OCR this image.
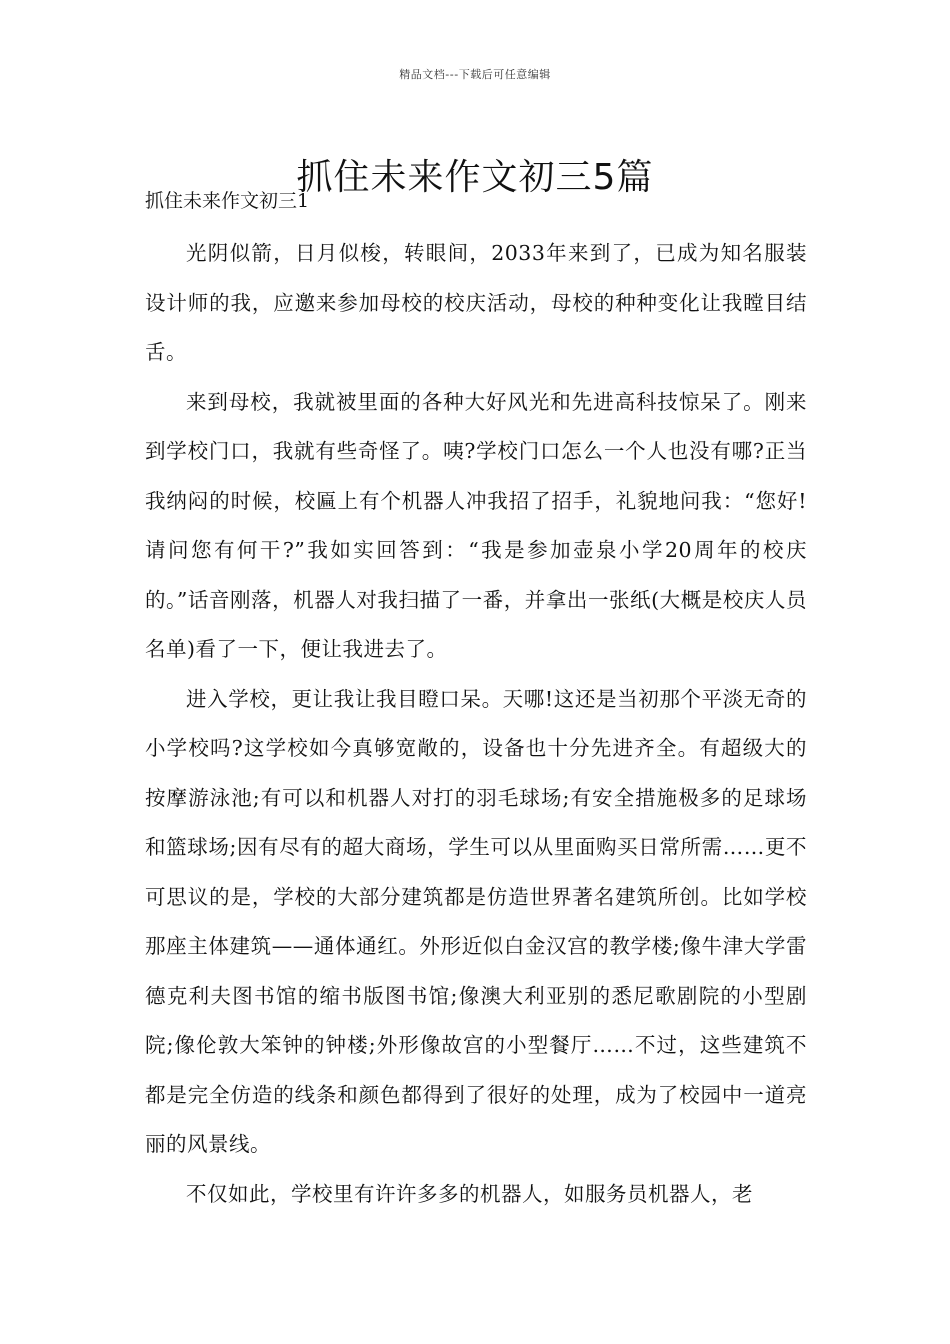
精品文档---下载后可任意编辑
抓住未来作文初三5篇

抓住未来作文初三1

光阴似箭，日月似梭，转眼间，2033年来到了，已成为知名服装设计师的我，应邀来参加母校的校庆活动，母校的种种变化让我瞠目结舌。

来到母校，我就被里面的各种大好风光和先进高科技惊呆了。刚来到学校门口，我就有些奇怪了。咦?学校门口怎么一个人也没有哪?正当我纳闷的时候，校匾上有个机器人冲我招了招手，礼貌地问我：“您好!请问您有何干?”我如实回答到：“我是参加壶泉小学20周年的校庆的。”话音刚落，机器人对我扫描了一番，并拿出一张纸(大概是校庆人员名单)看了一下，便让我进去了。

进入学校，更让我让我目瞪口呆。天哪!这还是当初那个平淡无奇的小学校吗?这学校如今真够宽敞的，设备也十分先进齐全。有超级大的按摩游泳池;有可以和机器人对打的羽毛球场;有安全措施极多的足球场和篮球场;因有尽有的超大商场，学生可以从里面购买日常所需……更不可思议的是，学校的大部分建筑都是仿造世界著名建筑所创。比如学校那座主体建筑——通体通红。外形近似白金汉宫的教学楼;像牛津大学雷德克利夫图书馆的缩书版图书馆;像澳大利亚别的悉尼歌剧院的小型剧院;像伦敦大笨钟的钟楼;外形像故宫的小型餐厅……不过，这些建筑不都是完全仿造的线条和颜色都得到了很好的处理，成为了校园中一道亮丽的风景线。

不仅如此，学校里有许许多多的机器人，如服务员机器人，老
